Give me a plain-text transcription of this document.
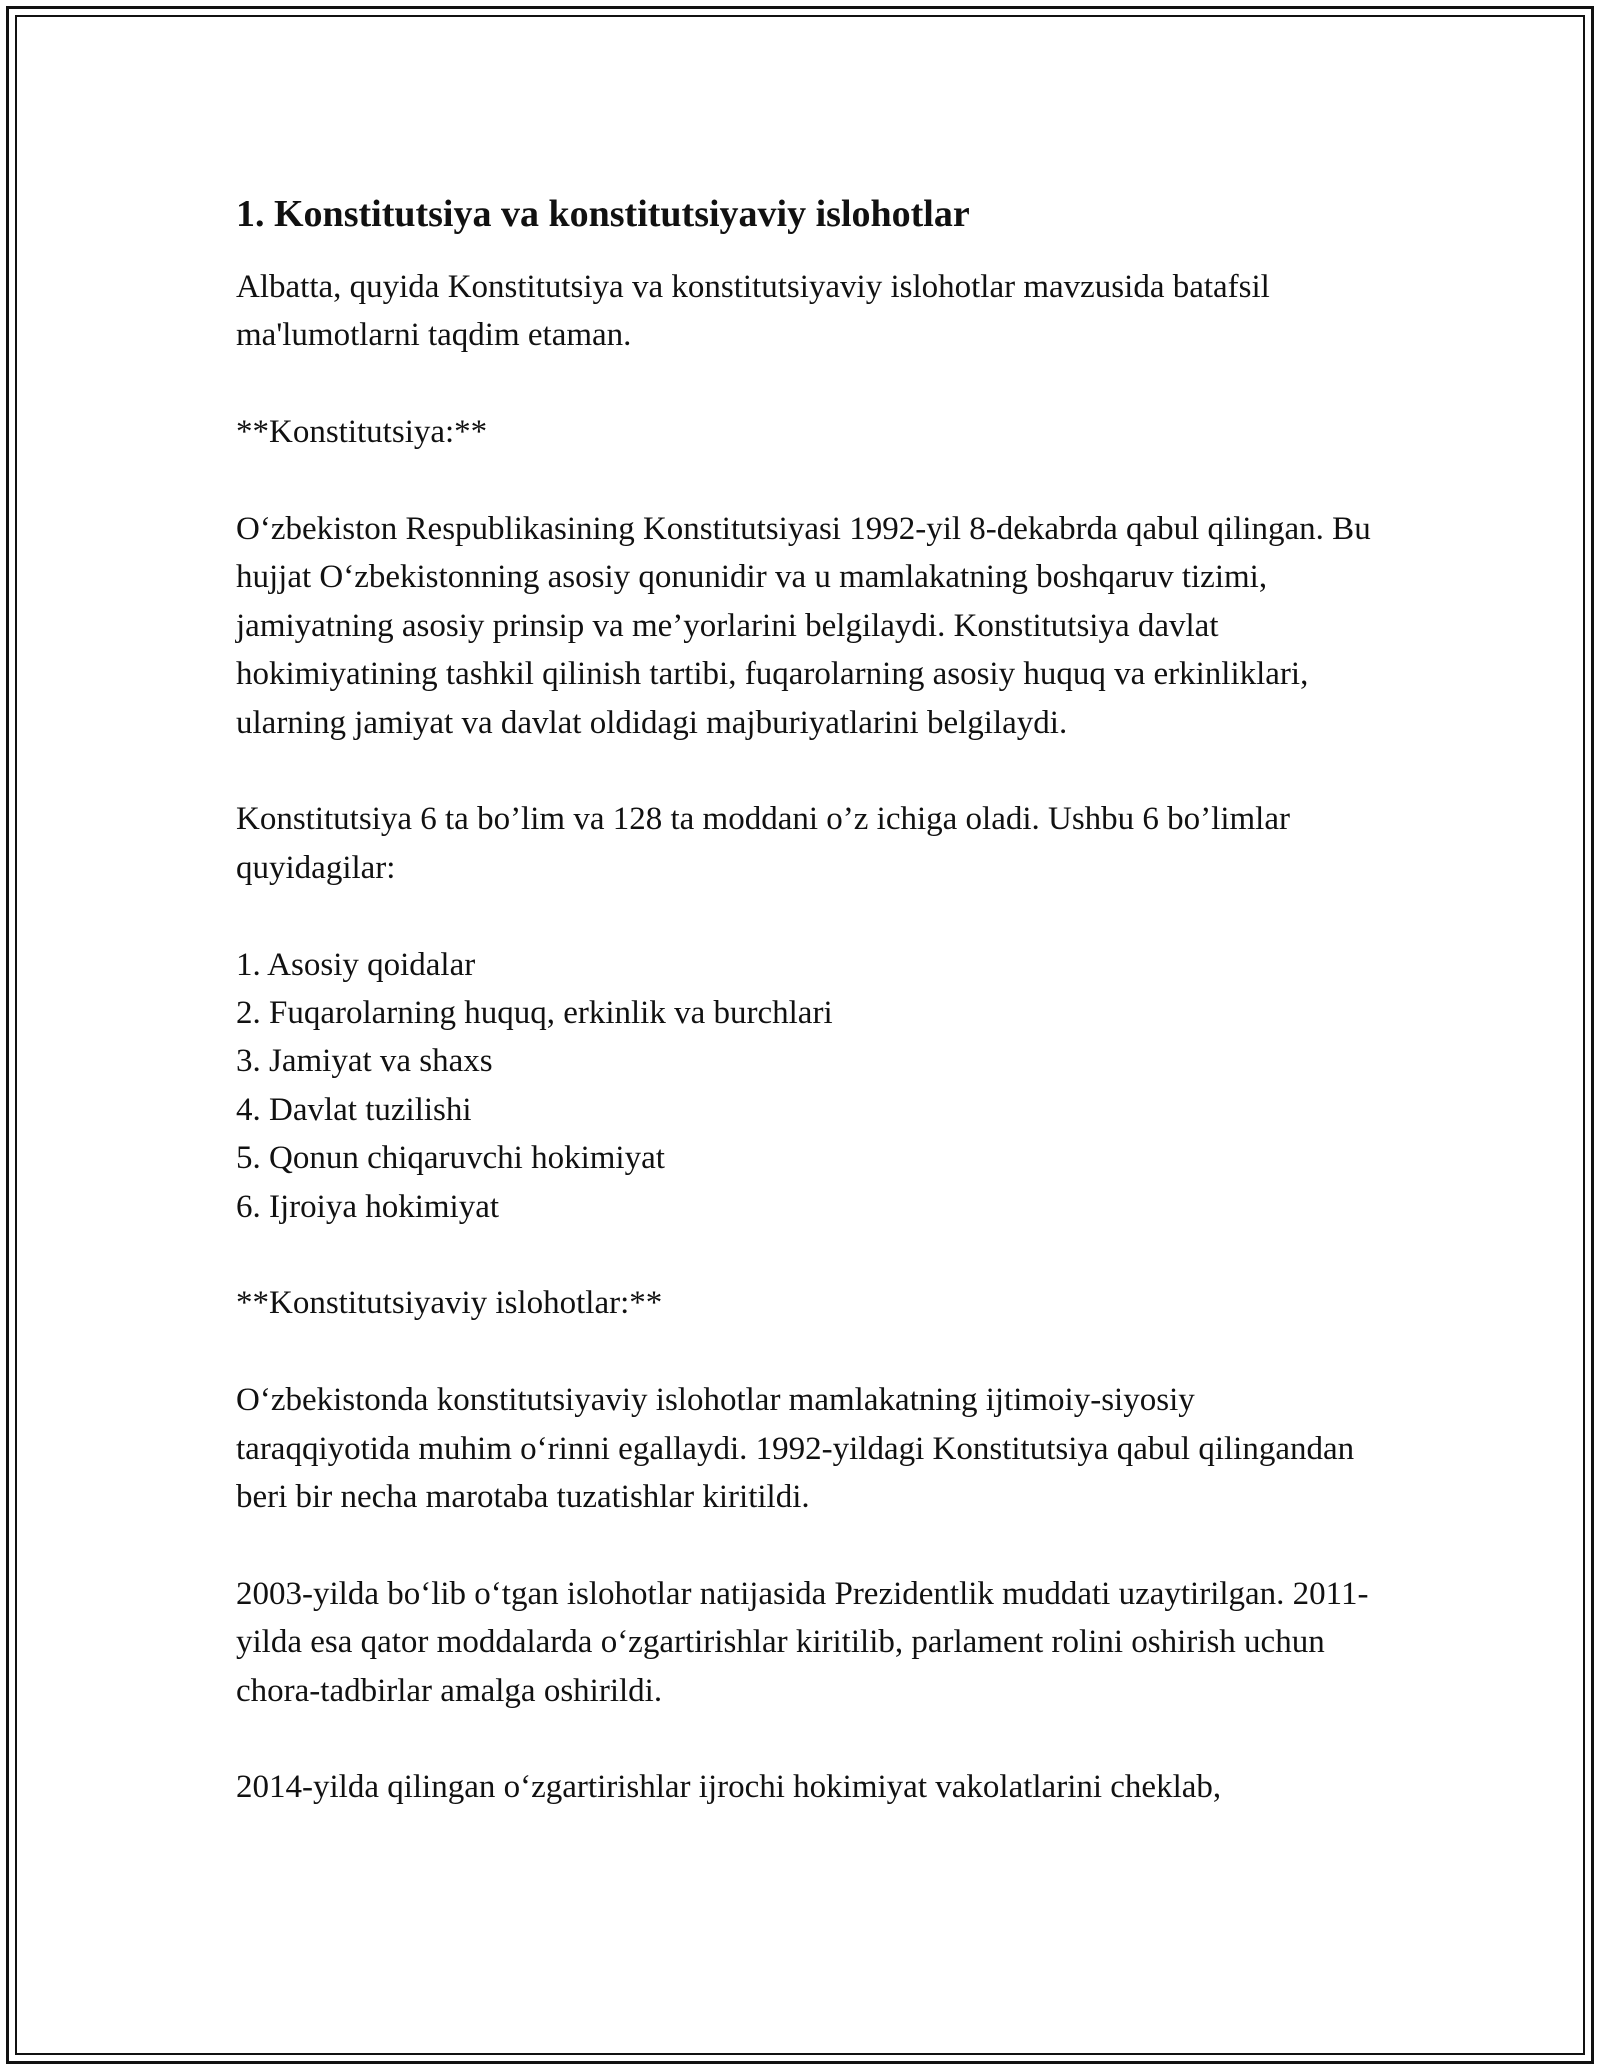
1. Konstitutsiya va konstitutsiyaviy islohotlar

Albatta, quyida Konstitutsiya va konstitutsiyaviy islohotlar mavzusida batafsil ma'lumotlarni taqdim etaman.

**Konstitutsiya:**

O‘zbekiston Respublikasining Konstitutsiyasi 1992-yil 8-dekabrda qabul qilingan. Bu hujjat O‘zbekistonning asosiy qonunidir va u mamlakatning boshqaruv tizimi, jamiyatning asosiy prinsip va me’yorlarini belgilaydi. Konstitutsiya davlat hokimiyatining tashkil qilinish tartibi, fuqarolarning asosiy huquq va erkinliklari, ularning jamiyat va davlat oldidagi majburiyatlarini belgilaydi.

Konstitutsiya 6 ta bo’lim va 128 ta moddani o’z ichiga oladi. Ushbu 6 bo’limlar quyidagilar:

1. Asosiy qoidalar

2. Fuqarolarning huquq, erkinlik va burchlari

3. Jamiyat va shaxs

4. Davlat tuzilishi

5. Qonun chiqaruvchi hokimiyat

6. Ijroiya hokimiyat

**Konstitutsiyaviy islohotlar:**

O‘zbekistonda konstitutsiyaviy islohotlar mamlakatning ijtimoiy-siyosiy taraqqiyotida muhim o‘rinni egallaydi. 1992-yildagi Konstitutsiya qabul qilingandan beri bir necha marotaba tuzatishlar kiritildi.

2003-yilda bo‘lib o‘tgan islohotlar natijasida Prezidentlik muddati uzaytirilgan. 2011-yilda esa qator moddalarda o‘zgartirishlar kiritilib, parlament rolini oshirish uchun chora-tadbirlar amalga oshirildi.

2014-yilda qilingan o‘zgartirishlar ijrochi hokimiyat vakolatlarini cheklab,
